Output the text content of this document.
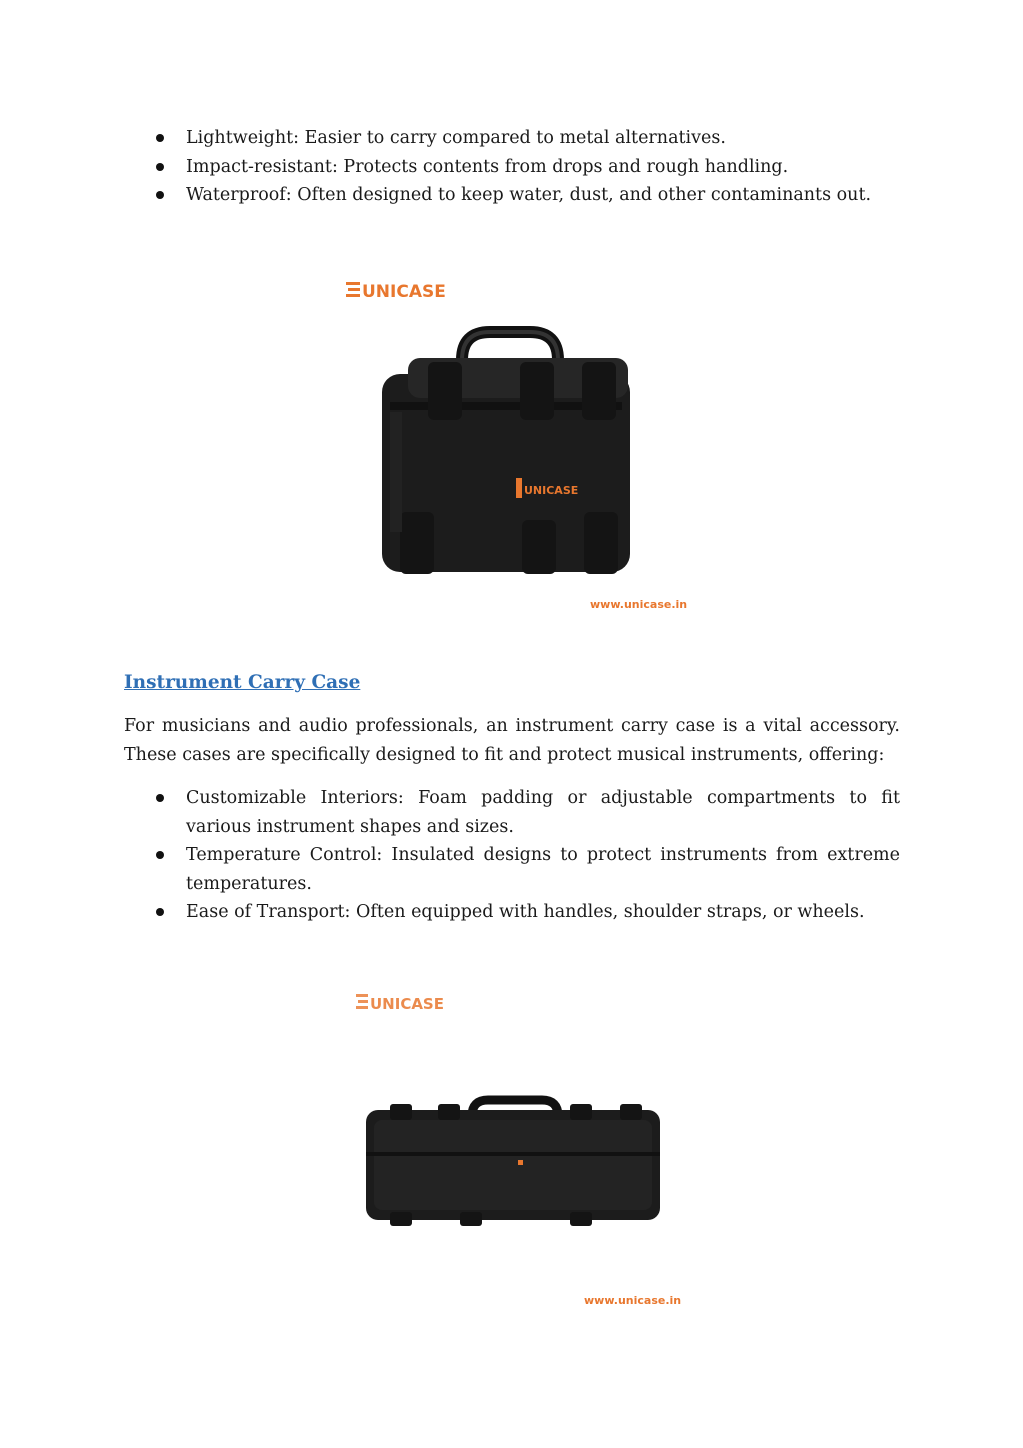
Lightweight: Easier to carry compared to metal alternatives.
Impact-resistant: Protects contents from drops and rough handling.
Waterproof: Often designed to keep water, dust, and other contaminants out.
UNICASE
UNICASE
www.unicase.in
Instrument Carry Case

For musicians and audio professionals, an instrument carry case is a vital accessory. These cases are specifically designed to fit and protect musical instruments, offering:

Customizable Interiors: Foam padding or adjustable compartments to fit various instrument shapes and sizes.
Temperature Control: Insulated designs to protect instruments from extreme temperatures.
Ease of Transport: Often equipped with handles, shoulder straps, or wheels.
UNICASE
www.unicase.in
